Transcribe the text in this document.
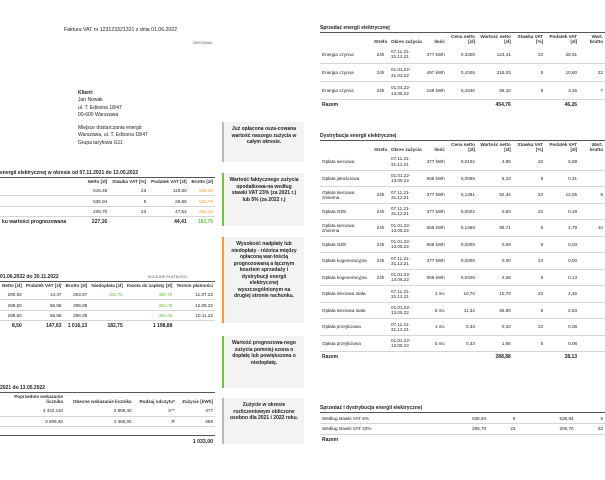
Faktura VAT nr 123123321321 z dnia 01.06.2022
ORYGINAŁ
Klient:
Jan Nowak
ul. T. Edisona 18/47
00-600 Warszawa
Miejsce dostarczania energii:
Warszawa, ul. T. Edisona 18/47
Grupa taryfowa G11
energii elektrycznej w okresie od 07.11.2021 do 13.05.2022
	Netto [zł]	Stawka VAT [%]	Podatek VAT [zł]	Brutto [zł]
	516,48	23	118,80	635,28
	536,94	5	26,85	563,79
	206,70	23	47,54	254,24
ku wartości prognozowana	227,16		44,41	182,75
01.06.2022 do 30.11.2022	KOLEJNE PŁATNOŚCI
Netto [zł]	Podatek VAT [zł]	Brutto [zł]	Niedopłata [zł]	Kwota do zapłaty [zł]	Termin płatności
289,50	14,47	303,97	182,75	486,72	11.07.22
289,50	66,58	356,08		356,08	12.09.22
289,50	66,58	356,08		356,08	10.11.22
8,50	147,63	1 016,13	182,75	1 198,88	
2021 do 13.05.2022
Poprzednie wskazanie licznika	Obecne wskazanie licznika	Rodzaj odczytu*	Zużycie [kWh]
3 432,110	3 809,40	S**	377
3 809,40	4 465,00	R	656
1 033,00
Już opłacona osza-cowana wartość naszego zużycia w całym okresie.
Wartość faktycznego zużycia opodatkowa-na według stawki VAT 23% (za 2021 r.) lub 5% (za 2022 r.)
Wysokość nadpłaty lub niedopłaty - różnica między opłaconą war-tością prognozowaną a łącznym kosztem sprzedaży i dystrybucji energii elektrycznej wyszczególnionym na drugiej stronie rachunku.
Wartość prognozowa-nego zużycia pomniej-szona o dopłatę lub powiększona o niedopłatę.
Zużycie w okresie rozliczeniowym obliczone osobno dla 2021 i 2022 roku.
Sprzedaż energii elektrycznej
	Strefa	Okres zużycia	Ilość	Cena netto [zł]	Wartość netto [zł]	Stawka VAT [%]	Podatek VAT [zł]	Wart. brutto
Energia czynna	24h	07.11.21-31.12.21	377 kWh	0,3300	124,41	23	28,61	
Energia czynna	24h	01.01.22-31.03.22	497 kWh	0,4346	216,03	5	10,80	22
Energia czynna	24h	01.04.22-13.05.22	159 kWh	0,4346	69,10	5	3,46	7
Razem					454,76		46,26	
Dystrybucja energii elektrycznej
	Strefa	Okres zużycia	Ilość	Cena netto [zł]	Wartość netto [zł]	Stawka VAT [%]	Podatek VAT [zł]	Wart. brutto
Opłata sieciowa		07.11.21-31.12.21	377 kWh	0,0102	3,85	23	0,89	
Opłata jakościowa		01.01.22-13.05.22	656 kWh	0,0095	6,23	5	0,31	
Opłata sieciowa zmienna	24h	07.11.21-31.12.21	377 kWh	0,1391	52,44	23	12,06	6
Opłata OZE	24h	07.11.21-31.12.21	377 kWh	0,0022	0,83	23	0,19	
Opłata sieciowa zmienna	24h	01.01.22-13.05.22	656 kWh	0,1459	95,71	5	4,79	10
Opłata OZE	24h	01.01.22-13.05.22	656 kWh	0,0009	0,59	5	0,03	
Opłata kogeneracyjna	24h	07.11.21-31.12.21	377 kWh	0,0000	0,00	23	0,00	
Opłata kogeneracyjna	24h	01.01.22-13.05.22	656 kWh	0,0406	2,66	5	0,13	
Opłata sieciowa stała		07.11.21-31.12.21	1 mc	10,70	10,70	23	2,46	
Opłata sieciowa stała		01.01.22-13.05.22	5 mc	11,32	56,60	5	2,83	
Opłata przejściowa		07.11.21-31.12.21	1 mc	0,33	0,33	23	0,08	
Opłata przejściowa		01.01.22-13.05.22	5 mc	0,33	1,65	5	0,08	
Razem					288,88		28,13	
Sprzedaż i dystrybucja energii elektrycznej
Według stawki VAT 5%	536,94	5	536,94	5
Według stawki VAT 23%	206,70	23	206,70	23
Razem				
